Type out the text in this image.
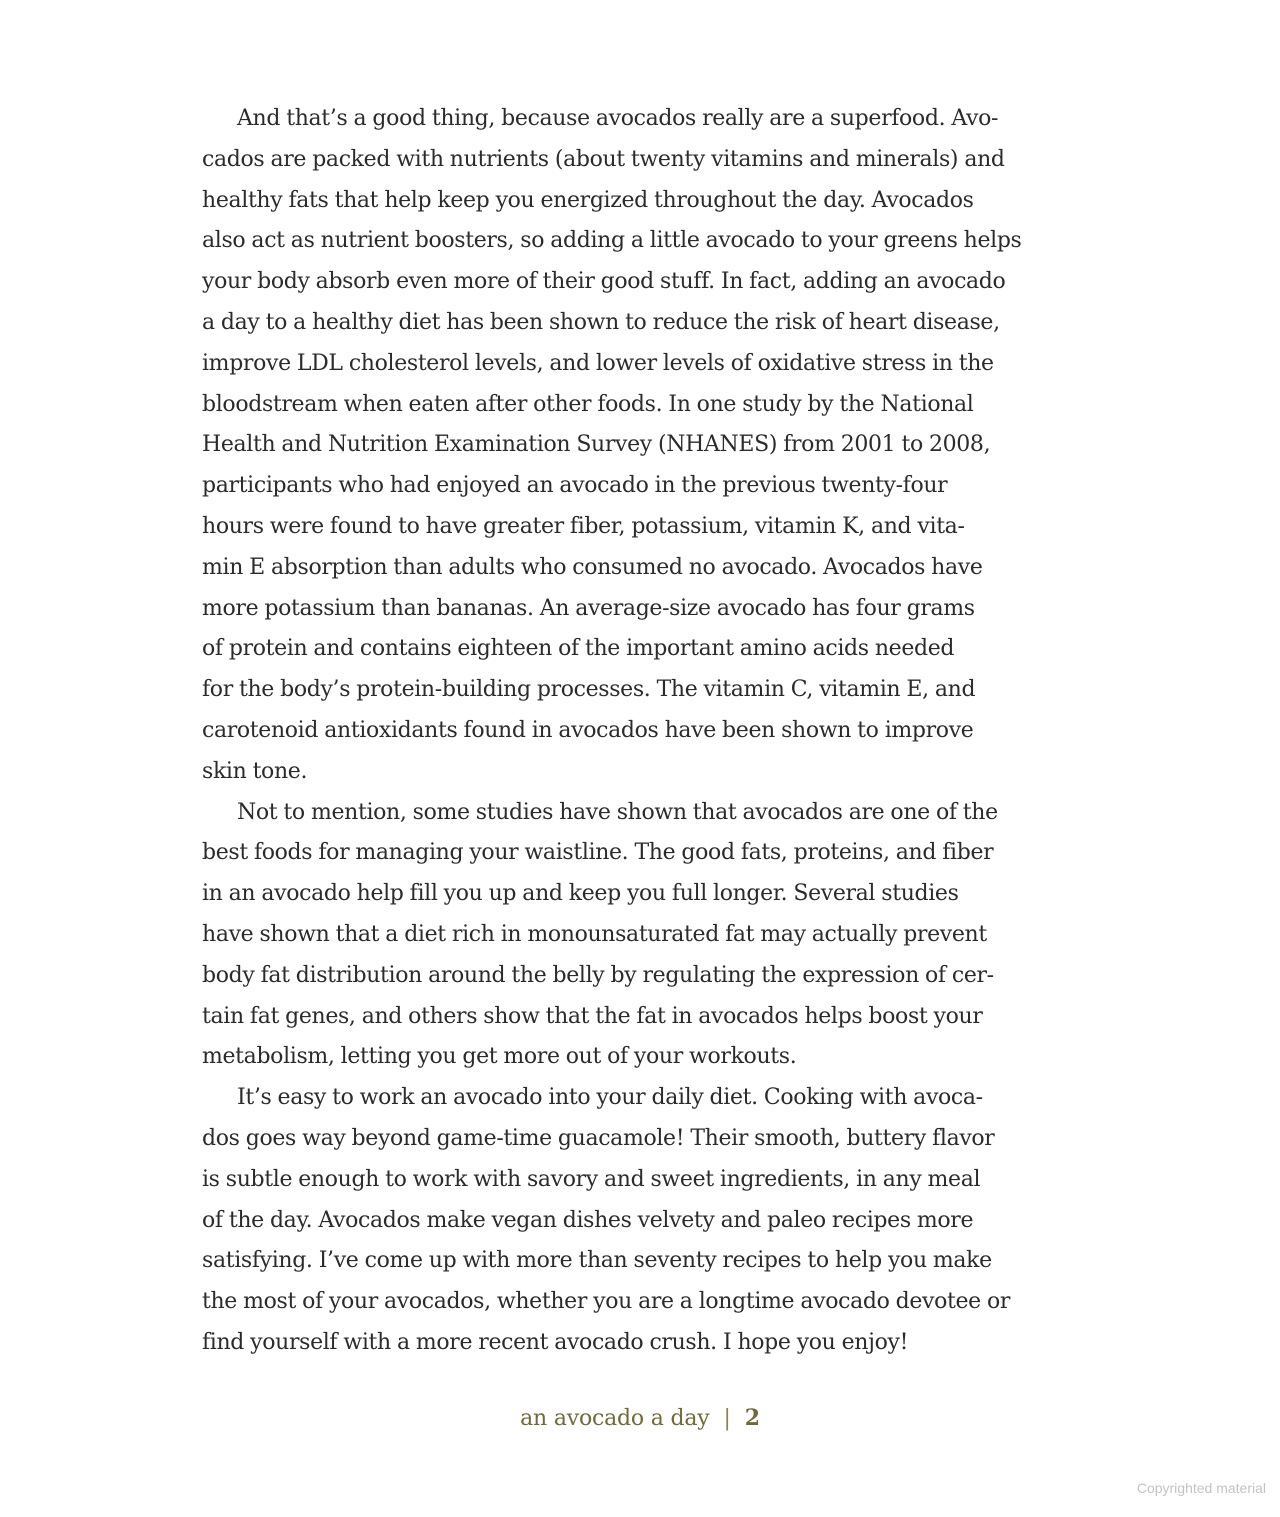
And that’s a good thing, because avocados really are a superfood. Avo-
cados are packed with nutrients (about twenty vitamins and minerals) and
healthy fats that help keep you energized throughout the day. Avocados
also act as nutrient boosters, so adding a little avocado to your greens helps
your body absorb even more of their good stuff. In fact, adding an avocado
a day to a healthy diet has been shown to reduce the risk of heart disease,
improve LDL cholesterol levels, and lower levels of oxidative stress in the
bloodstream when eaten after other foods. In one study by the National
Health and Nutrition Examination Survey (NHANES) from 2001 to 2008,
participants who had enjoyed an avocado in the previous twenty-four
hours were found to have greater fiber, potassium, vitamin K, and vita-
min E absorption than adults who consumed no avocado. Avocados have
more potassium than bananas. An average-size avocado has four grams
of protein and contains eighteen of the important amino acids needed
for the body’s protein-building processes. The vitamin C, vitamin E, and
carotenoid antioxidants found in avocados have been shown to improve
skin tone.
Not to mention, some studies have shown that avocados are one of the
best foods for managing your waistline. The good fats, proteins, and fiber
in an avocado help fill you up and keep you full longer. Several studies
have shown that a diet rich in monounsaturated fat may actually prevent
body fat distribution around the belly by regulating the expression of cer-
tain fat genes, and others show that the fat in avocados helps boost your
metabolism, letting you get more out of your workouts.
It’s easy to work an avocado into your daily diet. Cooking with avoca-
dos goes way beyond game-time guacamole! Their smooth, buttery flavor
is subtle enough to work with savory and sweet ingredients, in any meal
of the day. Avocados make vegan dishes velvety and paleo recipes more
satisfying. I’ve come up with more than seventy recipes to help you make
the most of your avocados, whether you are a longtime avocado devotee or
find yourself with a more recent avocado crush. I hope you enjoy!
an avocado a day | 2
Copyrighted material
